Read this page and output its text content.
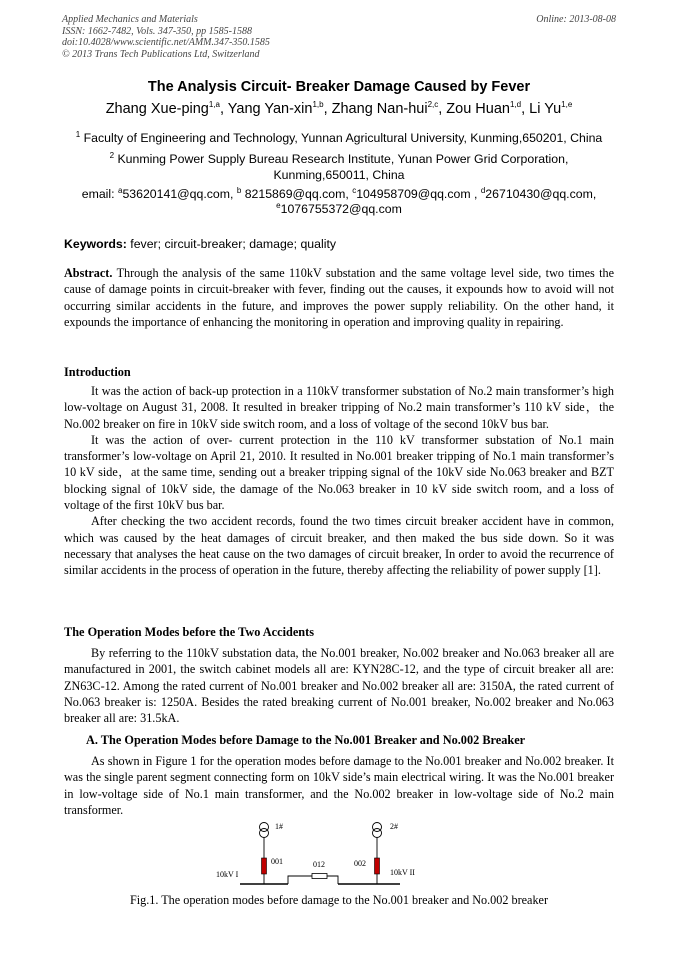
Applied Mechanics and Materials
ISSN: 1662-7482, Vols. 347-350, pp 1585-1588
doi:10.4028/www.scientific.net/AMM.347-350.1585
© 2013 Trans Tech Publications Ltd, Switzerland
Online: 2013-08-08
The Analysis Circuit- Breaker Damage Caused by Fever
Zhang Xue-ping$^{1,a}$, Yang Yan-xin$^{1,b}$, Zhang Nan-hui$^{2,c}$, Zou Huan$^{1,d}$, Li Yu$^{1,e}$
$^1$ Faculty of Engineering and Technology, Yunnan Agricultural University, Kunming,650201, China
$^2$ Kunming Power Supply Bureau Research Institute, Yunan Power Grid Corporation,
Kunming,650011, China
email: $^a$53620141@qq.com, $^b$ 8215869@qq.com, $^c$104958709@qq.com , $^d$26710430@qq.com,
$^e$1076755372@qq.com
Keywords: fever; circuit-breaker; damage; quality

Abstract. Through the analysis of the same 110kV substation and the same voltage level side, two times the cause of damage points in circuit-breaker with fever, finding out the causes, it expounds how to avoid will not occurring similar accidents in the future, and improves the power supply reliability. On the other hand, it expounds the importance of enhancing the monitoring in operation and improving quality in repairing.

Introduction

It was the action of back-up protection in a 110kV transformer substation of No.2 main transformer’s high low-voltage on August 31, 2008. It resulted in breaker tripping of No.2 main transformer’s 110 kV side，the No.002 breaker on fire in 10kV side switch room, and a loss of voltage of the second 10kV bus bar.

It was the action of over- current protection in the 110 kV transformer substation of No.1 main transformer’s low-voltage on April 21, 2010. It resulted in No.001 breaker tripping of No.1 main transformer’s 10 kV side，at the same time, sending out a breaker tripping signal of the 10kV side No.063 breaker and BZT blocking signal of 10kV side, the damage of the No.063 breaker in 10 kV side switch room, and a loss of voltage of the first 10kV bus bar.

After checking the two accident records, found the two times circuit breaker accident have in common, which was caused by the heat damages of circuit breaker, and then maked the bus side down. So it was necessary that analyses the heat cause on the two damages of circuit breaker, In order to avoid the recurrence of similar accidents in the process of operation in the future, thereby affecting the reliability of power supply [1].

The Operation Modes before the Two Accidents

By referring to the 110kV substation data, the No.001 breaker, No.002 breaker and No.063 breaker all are manufactured in 2001, the switch cabinet models all are: KYN28C-12, and the type of circuit breaker all are: ZN63C-12. Among the rated current of No.001 breaker and No.002 breaker all are: 3150A, the rated current of No.063 breaker is: 1250A. Besides the rated breaking current of No.001 breaker, No.002 breaker and No.063 breaker all are: 31.5kA.

A. The Operation Modes before Damage to the No.001 Breaker and No.002 Breaker

As shown in Figure 1 for the operation modes before damage to the No.001 breaker and No.002 breaker. It was the single parent segment connecting form on 10kV side’s main electrical wiring. It was the No.001 breaker in low-voltage side of No.1 main transformer, and the No.002 breaker in low-voltage side of No.2 main transformer.

1#
001
2#
002
10kV I	10kV II
012
Fig.1. The operation modes before damage to the No.001 breaker and No.002 breaker
